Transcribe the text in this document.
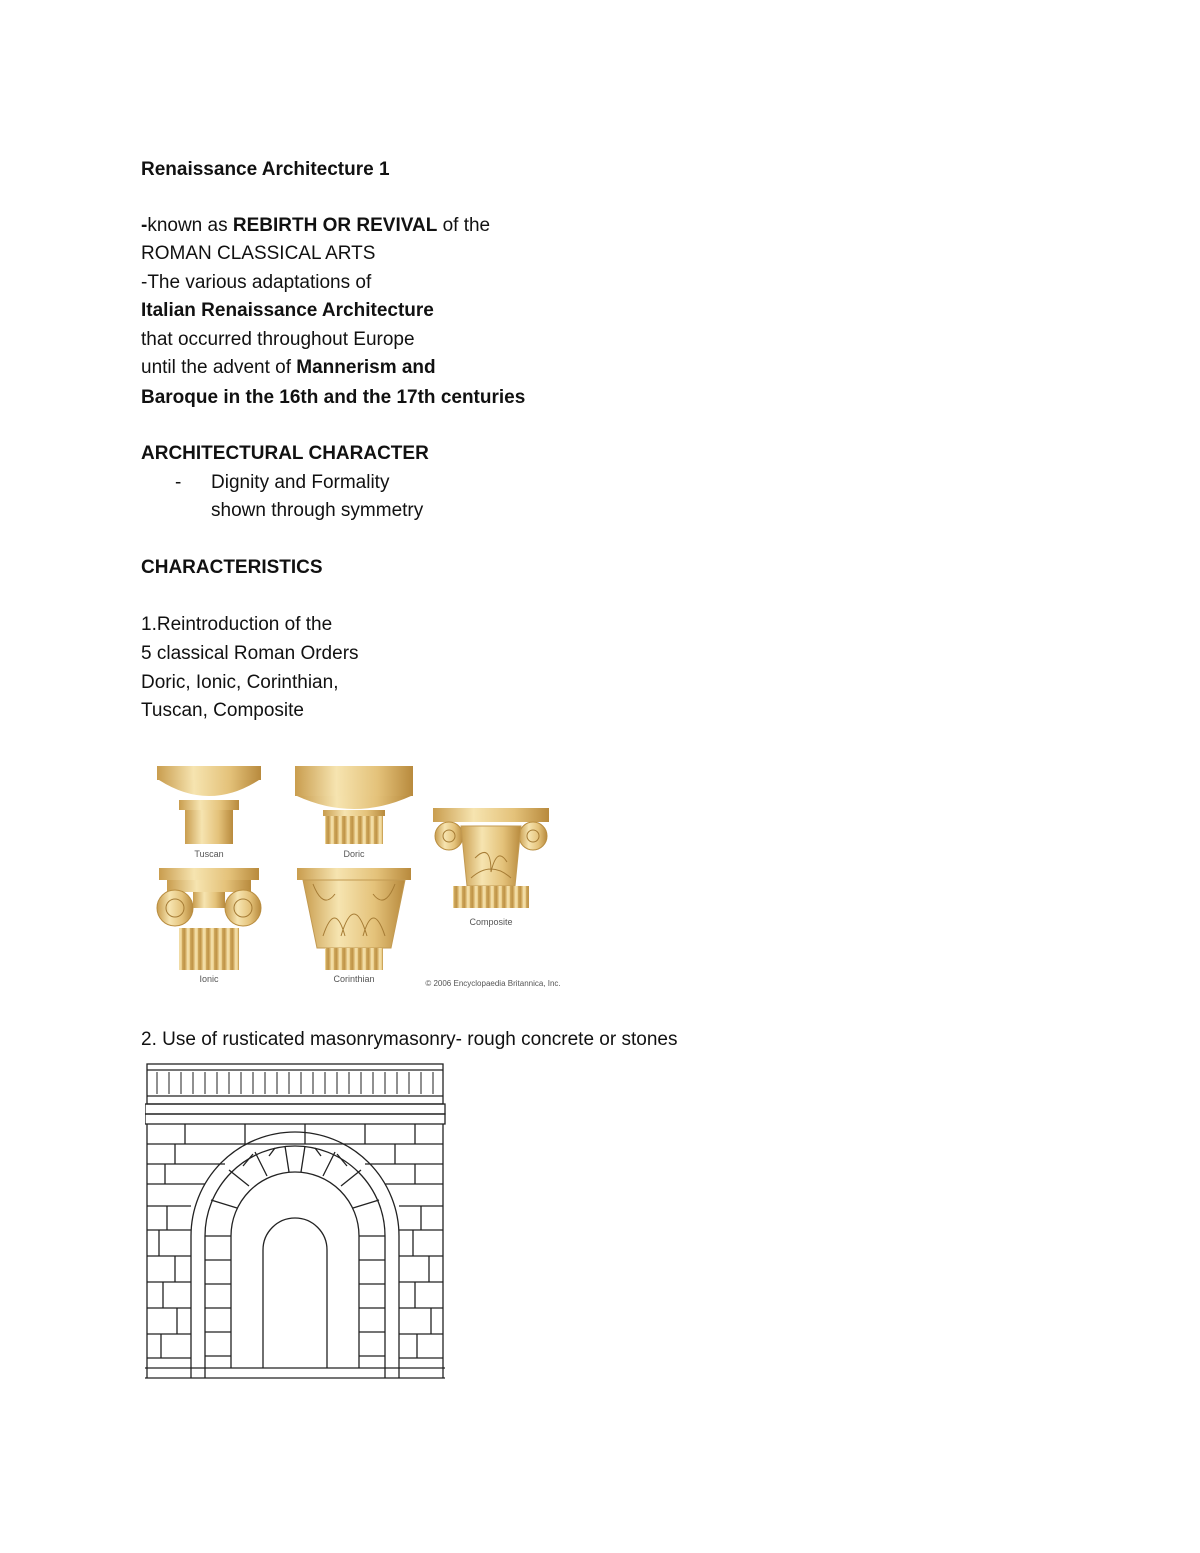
Renaissance Architecture 1
-known as REBIRTH OR REVIVAL of the
ROMAN CLASSICAL ARTS
-The various adaptations of
Italian Renaissance Architecture
that occurred throughout Europe
until the advent of Mannerism and
Baroque in the 16th and the 17th centuries
ARCHITECTURAL CHARACTER
- Dignity and Formality
shown through symmetry
CHARACTERISTICS
1.Reintroduction of the
5 classical Roman Orders
Doric, Ionic, Corinthian,
Tuscan, Composite
Tuscan	Doric
Composite
Ionic	Corinthian	© 2006 Encyclopaedia Britannica, Inc.
2. Use of rusticated masonrymasonry- rough concrete or stones
